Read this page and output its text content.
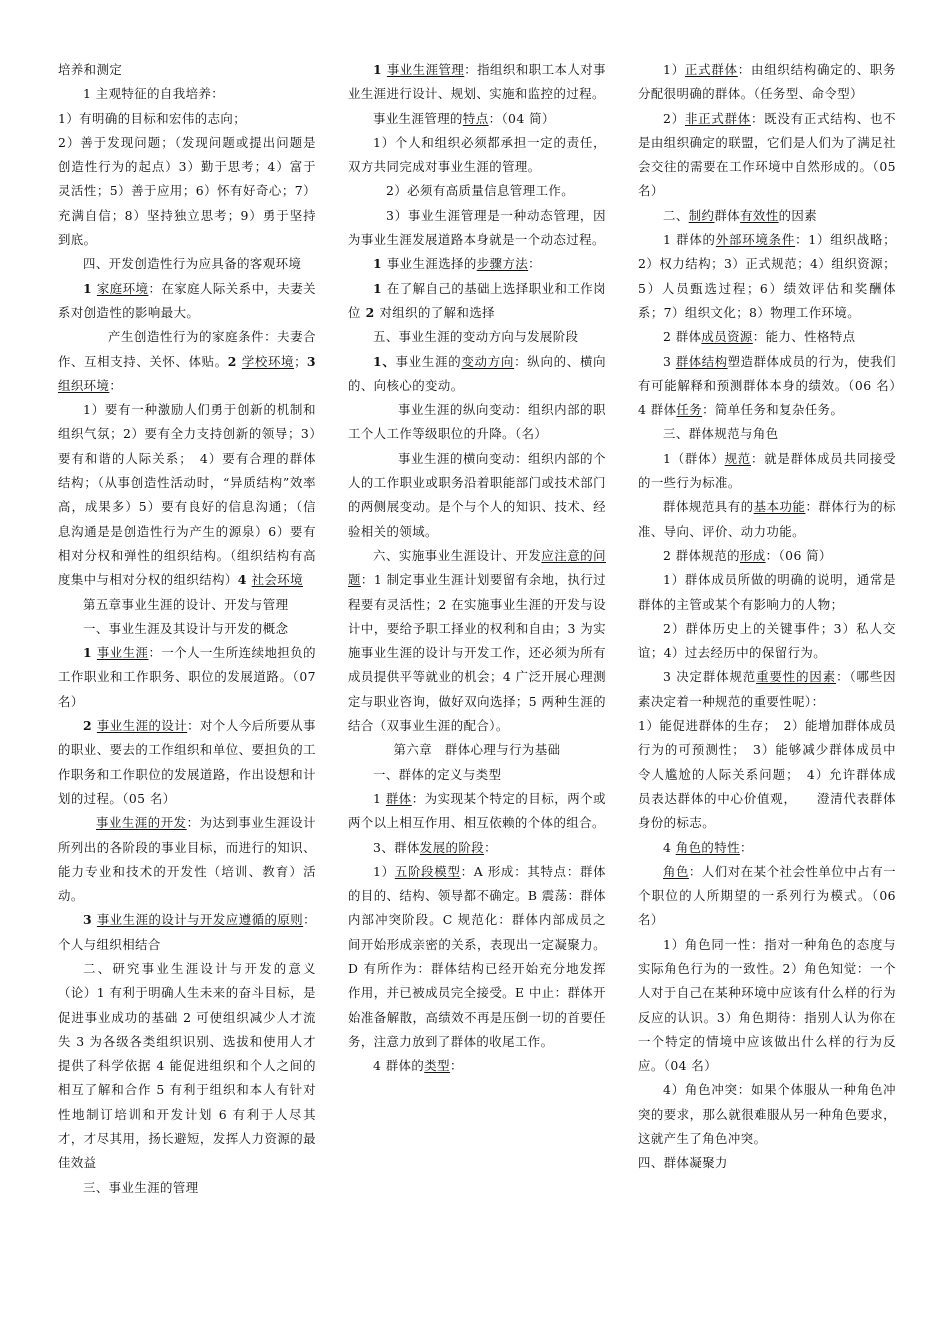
培养和测定

1 主观特征的自我培养：

1）有明确的目标和宏伟的志向；

2）善于发现问题；（发现问题或提出问题是创造性行为的起点）3）勤于思考；4）富于灵活性；5）善于应用；6）怀有好奇心；7）充满自信；8）坚持独立思考；9）勇于坚持到底。

四、开发创造性行为应具备的客观环境

1 家庭环境：在家庭人际关系中，夫妻关系对创造性的影响最大。

产生创造性行为的家庭条件：夫妻合作、互相支持、关怀、体贴。2 学校环境；3 组织环境：

1）要有一种激励人们勇于创新的机制和组织气氛；2）要有全力支持创新的领导；3）要有和谐的人际关系；　4）要有合理的群体结构；（从事创造性活动时，“异质结构”效率高，成果多）5）要有良好的信息沟通；（信息沟通是是创造性行为产生的源泉）6）要有相对分权和弹性的组织结构。（组织结构有高度集中与相对分权的组织结构）4 社会环境

第五章事业生涯的设计、开发与管理

一、事业生涯及其设计与开发的概念

1 事业生涯：一个人一生所连续地担负的工作职业和工作职务、职位的发展道路。（07 名）

2 事业生涯的设计：对个人今后所要从事的职业、要去的工作组织和单位、要担负的工作职务和工作职位的发展道路，作出设想和计划的过程。（05 名）

事业生涯的开发：为达到事业生涯设计所列出的各阶段的事业目标，而进行的知识、能力专业和技术的开发性（培训、教育）活动。

3 事业生涯的设计与开发应遵循的原则：个人与组织相结合

二、研究事业生涯设计与开发的意义（论）1 有利于明确人生未来的奋斗目标，是促进事业成功的基础 2 可使组织减少人才流失 3 为各级各类组织识别、选拔和使用人才提供了科学依据 4 能促进组织和个人之间的相互了解和合作 5 有利于组织和本人有针对性地制订培训和开发计划 6 有利于人尽其才，才尽其用，扬长避短，发挥人力资源的最佳效益

三、事业生涯的管理

1 事业生涯管理：指组织和职工本人对事业生涯进行设计、规划、实施和监控的过程。

事业生涯管理的特点：（04 简）

1）个人和组织必须都承担一定的责任，双方共同完成对事业生涯的管理。

2）必须有高质量信息管理工作。

3）事业生涯管理是一种动态管理，因为事业生涯发展道路本身就是一个动态过程。

1 事业生涯选择的步骤方法：

1 在了解自己的基础上选择职业和工作岗位 2 对组织的了解和选择

五、事业生涯的变动方向与发展阶段

1、事业生涯的变动方向：纵向的、横向的、向核心的变动。

事业生涯的纵向变动：组织内部的职工个人工作等级职位的升降。（名）

事业生涯的横向变动：组织内部的个人的工作职业或职务沿着职能部门或技术部门的两侧展变动。是个与个人的知识、技术、经验相关的领域。

六、实施事业生涯设计、开发应注意的问题：1 制定事业生涯计划要留有余地，执行过程要有灵活性；2 在实施事业生涯的开发与设计中，要给予职工择业的权利和自由；3 为实施事业生涯的设计与开发工作，还必须为所有成员提供平等就业的机会；4 广泛开展心理测定与职业咨询，做好双向选择；5 两种生涯的结合（双事业生涯的配合）。

第六章　群体心理与行为基础

一、群体的定义与类型

1 群体：为实现某个特定的目标，两个或两个以上相互作用、相互依赖的个体的组合。

3、群体发展的阶段：

1）五阶段模型：A 形成：其特点：群体的目的、结构、领导都不确定。B 震荡：群体内部冲突阶段。C 规范化：群体内部成员之间开始形成亲密的关系，表现出一定凝聚力。D 有所作为：群体结构已经开始充分地发挥作用，并已被成员完全接受。E 中止：群体开始准备解散，高绩效不再是压倒一切的首要任务，注意力放到了群体的收尾工作。

4 群体的类型：

1）正式群体：由组织结构确定的、职务分配很明确的群体。（任务型、命令型）

2）非正式群体：既没有正式结构、也不是由组织确定的联盟，它们是人们为了满足社会交往的需要在工作环境中自然形成的。（05 名）

二、制约群体有效性的因素

1 群体的外部环境条件：1）组织战略；2）权力结构；3）正式规范；4）组织资源；5）人员甄选过程；6）绩效评估和奖酬体系；7）组织文化；8）物理工作环境。

2 群体成员资源：能力、性格特点

3 群体结构塑造群体成员的行为，使我们有可能解释和预测群体本身的绩效。（06 名）4 群体任务：简单任务和复杂任务。

三、群体规范与角色

1（群体）规范：就是群体成员共同接受的一些行为标准。

群体规范具有的基本功能：群体行为的标准、导向、评价、动力功能。

2 群体规范的形成：（06 简）

1）群体成员所做的明确的说明，通常是群体的主管或某个有影响力的人物；

2）群体历史上的关键事件；3）私人交谊；4）过去经历中的保留行为。

3 决定群体规范重要性的因素：（哪些因素决定着一种规范的重要性呢）：

1）能促进群体的生存；　2）能增加群体成员行为的可预测性；　3）能够减少群体成员中令人尴尬的人际关系问题；　4）允许群体成员表达群体的中心价值观，　　澄清代表群体身份的标志。

4 角色的特性：

角色：人们对在某个社会性单位中占有一个职位的人所期望的一系列行为模式。（06 名）

1）角色同一性：指对一种角色的态度与实际角色行为的一致性。2）角色知觉：一个人对于自己在某种环境中应该有什么样的行为反应的认识。3）角色期待：指别人认为你在一个特定的情境中应该做出什么样的行为反应。（04 名）

4）角色冲突：如果个体服从一种角色冲突的要求，那么就很难服从另一种角色要求，这就产生了角色冲突。

四、群体凝聚力
